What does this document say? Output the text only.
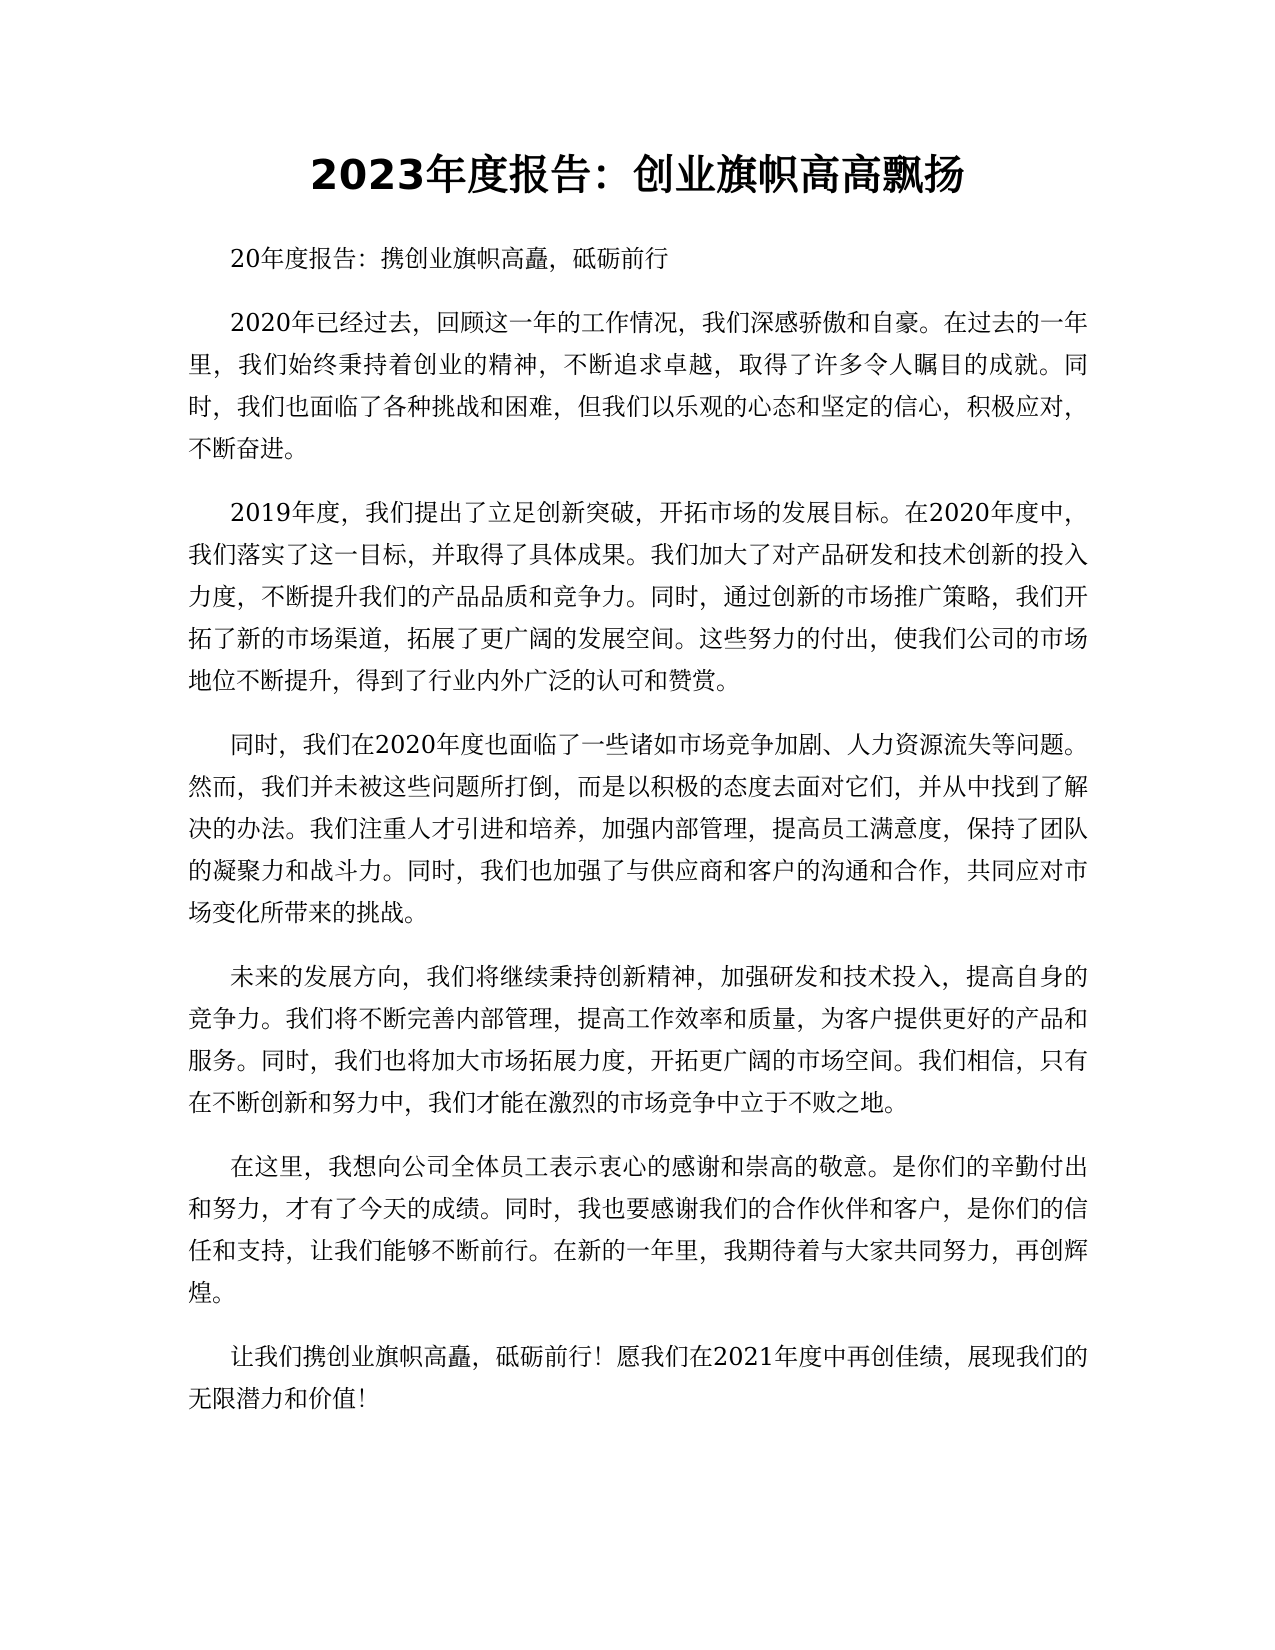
2023年度报告：创业旗帜高高飘扬

20年度报告：携创业旗帜高矗，砥砺前行

2020年已经过去，回顾这一年的工作情况，我们深感骄傲和自豪。在过去的一年里，我们始终秉持着创业的精神，不断追求卓越，取得了许多令人瞩目的成就。同时，我们也面临了各种挑战和困难，但我们以乐观的心态和坚定的信心，积极应对，不断奋进。

2019年度，我们提出了立足创新突破，开拓市场的发展目标。在2020年度中，我们落实了这一目标，并取得了具体成果。我们加大了对产品研发和技术创新的投入力度，不断提升我们的产品品质和竞争力。同时，通过创新的市场推广策略，我们开拓了新的市场渠道，拓展了更广阔的发展空间。这些努力的付出，使我们公司的市场地位不断提升，得到了行业内外广泛的认可和赞赏。

同时，我们在2020年度也面临了一些诸如市场竞争加剧、人力资源流失等问题。然而，我们并未被这些问题所打倒，而是以积极的态度去面对它们，并从中找到了解决的办法。我们注重人才引进和培养，加强内部管理，提高员工满意度，保持了团队的凝聚力和战斗力。同时，我们也加强了与供应商和客户的沟通和合作，共同应对市场变化所带来的挑战。

未来的发展方向，我们将继续秉持创新精神，加强研发和技术投入，提高自身的竞争力。我们将不断完善内部管理，提高工作效率和质量，为客户提供更好的产品和服务。同时，我们也将加大市场拓展力度，开拓更广阔的市场空间。我们相信，只有在不断创新和努力中，我们才能在激烈的市场竞争中立于不败之地。

在这里，我想向公司全体员工表示衷心的感谢和崇高的敬意。是你们的辛勤付出和努力，才有了今天的成绩。同时，我也要感谢我们的合作伙伴和客户，是你们的信任和支持，让我们能够不断前行。在新的一年里，我期待着与大家共同努力，再创辉煌。

让我们携创业旗帜高矗，砥砺前行！愿我们在2021年度中再创佳绩，展现我们的无限潜力和价值！
